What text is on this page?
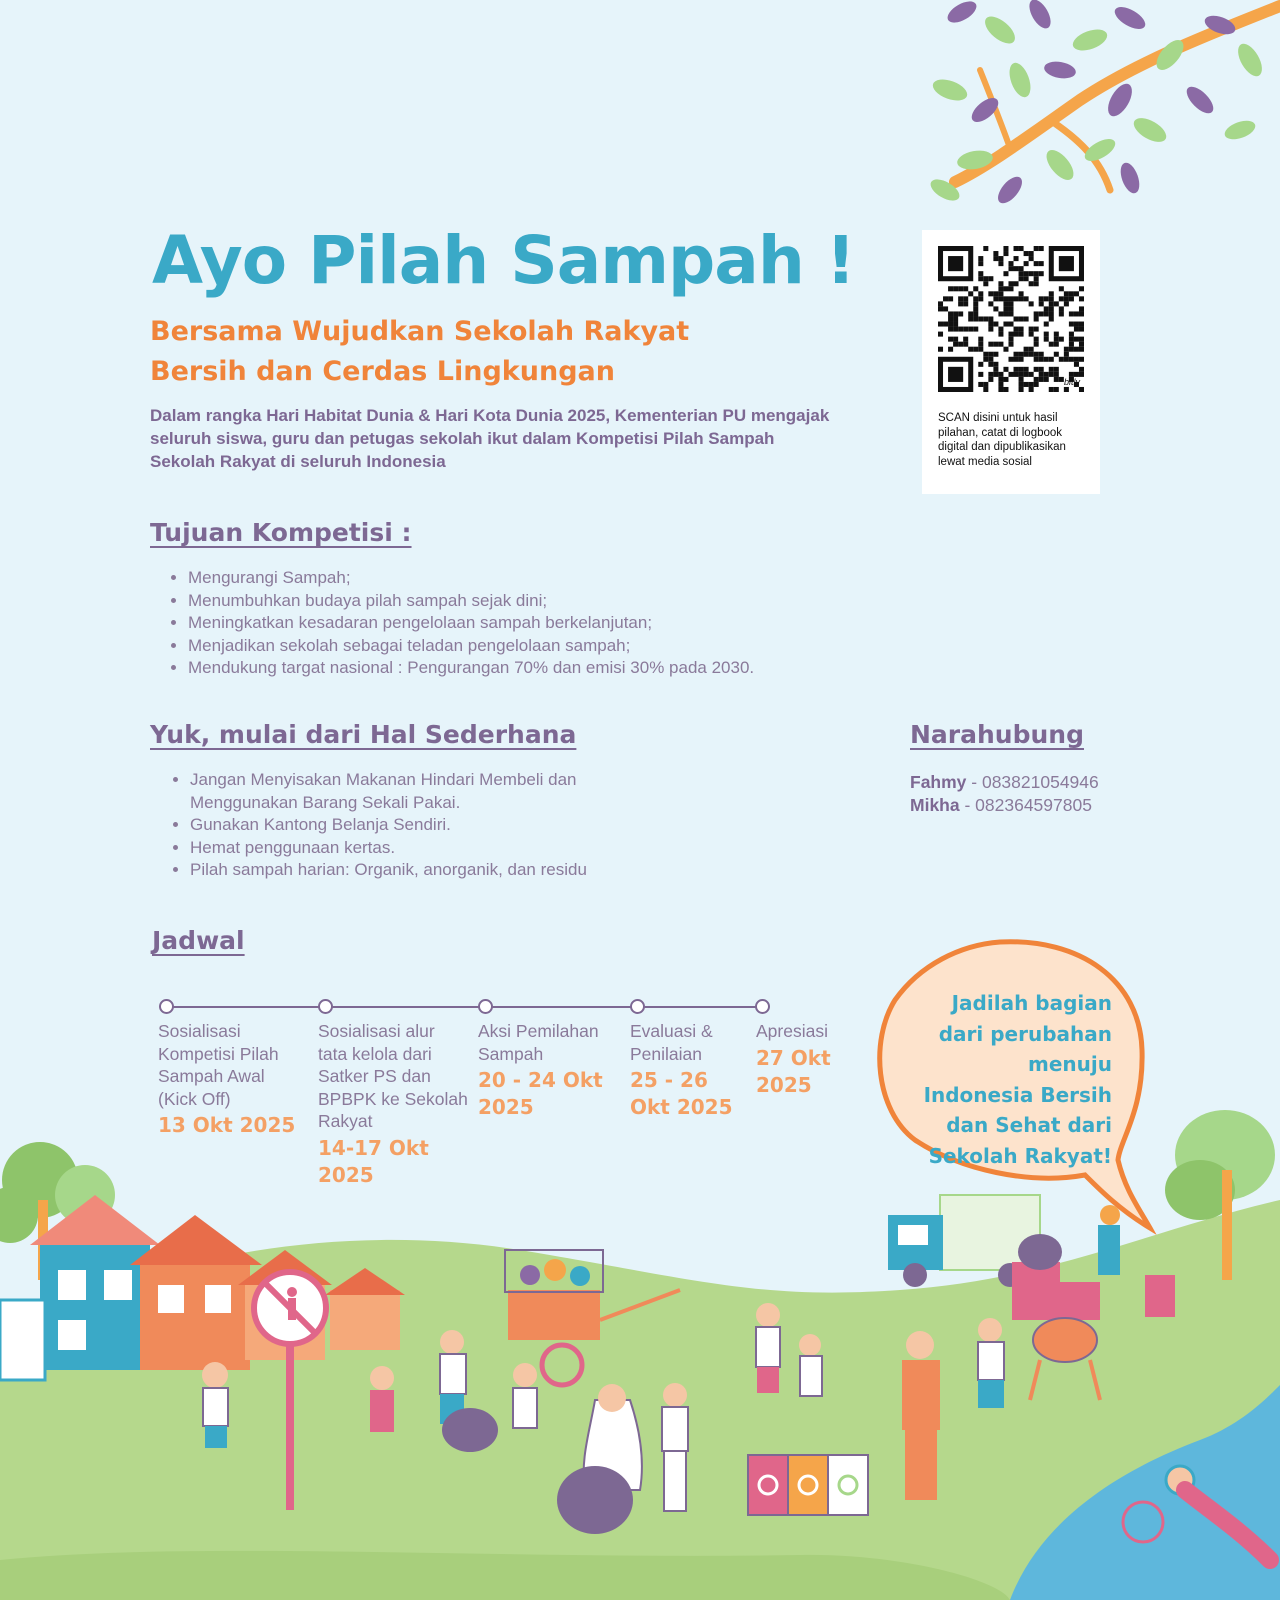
Ayo Pilah Sampah !

Bersama Wujudkan Sekolah Rakyat
Bersih dan Cerdas Lingkungan

Dalam rangka Hari Habitat Dunia & Hari Kota Dunia 2025, Kementerian PU mengajak seluruh siswa, guru dan petugas sekolah ikut dalam Kompetisi Pilah Sampah Sekolah Rakyat di seluruh Indonesia

bitly

SCAN disini untuk hasil pilahan, catat di logbook digital dan dipublikasikan lewat media sosial

Tujuan Kompetisi :
• Mengurangi Sampah;
• Menumbuhkan budaya pilah sampah sejak dini;
• Meningkatkan kesadaran pengelolaan sampah berkelanjutan;
• Menjadikan sekolah sebagai teladan pengelolaan sampah;
• Mendukung targat nasional : Pengurangan 70% dan emisi 30% pada 2030.
Yuk, mulai dari Hal Sederhana
• Jangan Menyisakan Makanan Hindari Membeli dan Menggunakan Barang Sekali Pakai.
• Gunakan Kantong Belanja Sendiri.
• Hemat penggunaan kertas.
• Pilah sampah harian: Organik, anorganik, dan residu
Narahubung

Fahmy - 083821054946

Mikha - 082364597805

Jadwal

Sosialisasi Kompetisi Pilah Sampah Awal (Kick Off)

13 Okt 2025

Sosialisasi alur tata kelola dari Satker PS dan BPBPK ke Sekolah Rakyat

14-17 Okt 2025

Aksi Pemilahan Sampah

20 - 24 Okt 2025

Evaluasi & Penilaian

25 - 26 Okt 2025

Apresiasi

27 Okt 2025

Jadilah bagian dari perubahan menuju Indonesia Bersih dan Sehat dari Sekolah Rakyat!
